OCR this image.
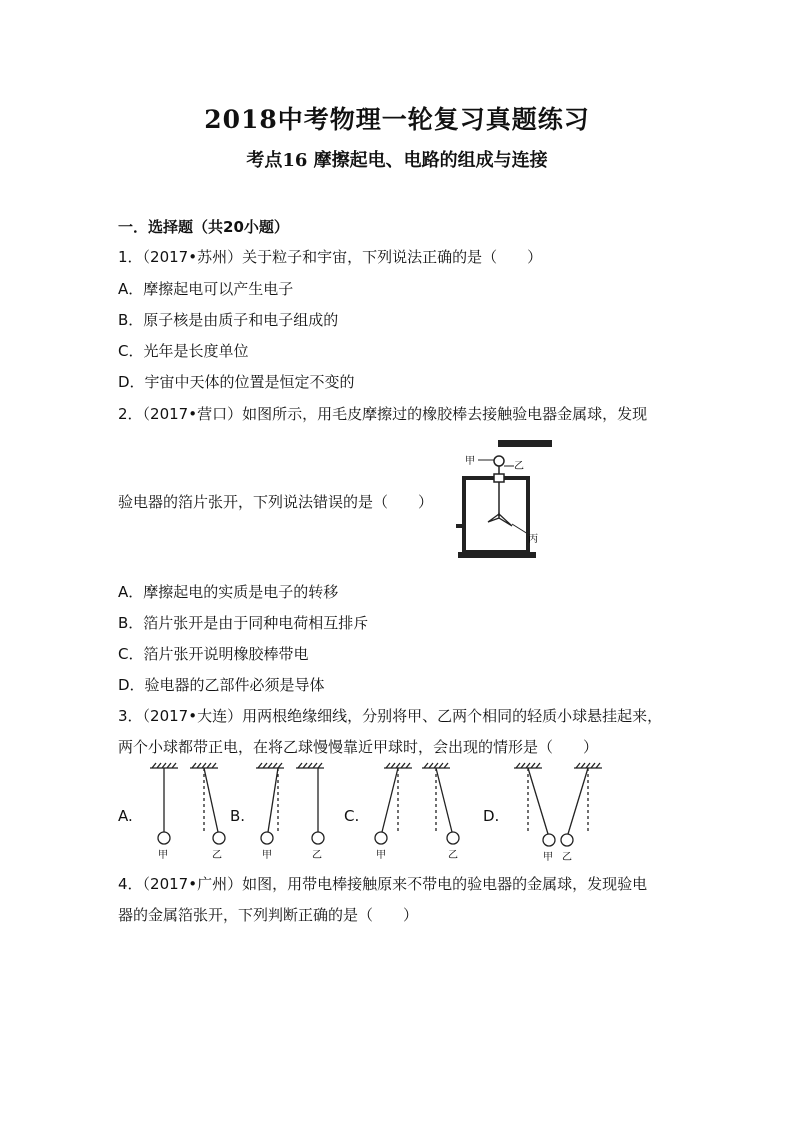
2018中考物理一轮复习真题练习
考点16 摩擦起电、电路的组成与连接
一．选择题（共20小题）
1．（2017•苏州）关于粒子和宇宙，下列说法正确的是（　　）
A．摩擦起电可以产生电子
B．原子核是由质子和电子组成的
C．光年是长度单位
D．宇宙中天体的位置是恒定不变的
2．（2017•营口）如图所示，用毛皮摩擦过的橡胶棒去接触验电器金属球，发现
验电器的箔片张开，下列说法错误的是（　　）
甲	乙
丙
A．摩擦起电的实质是电子的转移
B．箔片张开是由于同种电荷相互排斥
C．箔片张开说明橡胶棒带电
D．验电器的乙部件必须是导体
3．（2017•大连）用两根绝缘细线，分别将甲、乙两个相同的轻质小球悬挂起来，
两个小球都带正电，在将乙球慢慢靠近甲球时，会出现的情形是（　　）
A.	B.	C.	D.
甲	乙	甲	乙	甲	乙	甲 乙
4．（2017•广州）如图，用带电棒接触原来不带电的验电器的金属球，发现验电
器的金属箔张开，下列判断正确的是（　　）
